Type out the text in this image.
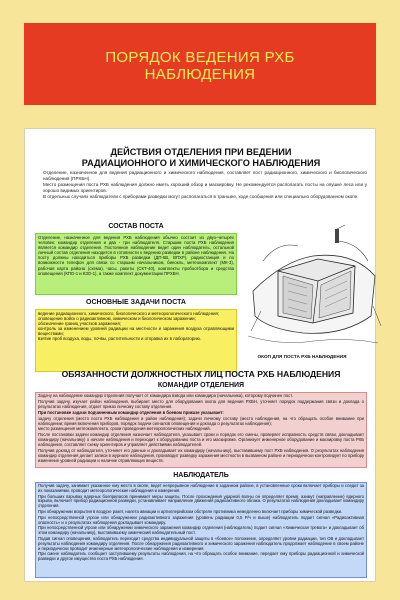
ПОРЯДОК ВЕДЕНИЯ РХБ
НАБЛЮДЕНИЯ
ДЕЙСТВИЯ ОТДЕЛЕНИЯ ПРИ ВЕДЕНИИ
РАДИАЦИОННОГО И ХИМИЧЕСКОГО НАБЛЮДЕНИЯ
Отделение, назначенное для ведения радиационного и химического наблюдения, составляет пост радиационного, химического и биологического наблюдения (ПРХБН).
Место размещения поста РХБ наблюдения должно иметь хороший обзор и маскировку. Не рекомендуется располагать посты на опушке леса или у хорошо видимых ориентиров.
В отдельных случаях наблюдатели с приборами разведки могут располагаться в траншее, ходе сообщения или специально оборудованном окопе.
СОСТАВ ПОСТА
Отделение, назначенное для ведения РХБ наблюдения обычно состоит из двух-четырёх человек: командир отделения и два - три наблюдателя. Старшим поста РХБ наблюдения является командир отделения. Постоянное наблюдение ведет один наблюдатель, остальной личный состав отделения находится в готовности к ведению разведки в районе наблюдения. На посту должны находиться приборы РХБ разведки (ДП-5В, ВПХР), радиостанция и по возможности телефон для связи со старшим начальником, бинокль, метеокомплект (МК-3), рабочая карта района (схема), часы, ракеты (СКТ-40), комплекты пробоотбора и средства оповещения (КПО-1 и КЗО-1), а также комплект документации ПРХБН.
ОСНОВНЫЕ ЗАДАЧИ ПОСТА
ведение радиационного, химического, биологического и метеорологического наблюдения;
оповещение войск о радиоактивном, химическом и биологическом заражении;
обозначение границ участков заражения;
контроль за изменением уровней радиации на местности и заражения воздуха отравляющими веществами;
взятие проб воздуха, воды, почвы, растительности и отправка их в лабораторию.
ОКОП ДЛЯ ПОСТА РХБ НАБЛЮДЕНИЯ
ОБЯЗАННОСТИ ДОЛЖНОСТНЫХ ЛИЦ ПОСТА РХБ НАБЛЮДЕНИЯ
КОМАНДИР ОТДЕЛЕНИЯ
Задачу на наблюдение командир отделения получает от командира взвода или командира (начальника), которому подчинен пост.
Получив задачу, изучает район наблюдения, выбирает место для оборудования окопа для ведения РХБН, уточняет порядок поддержания связи и доклада о результатах наблюдения, отдает приказ личному составу отделения.
При постановке задачи подчиненным командир отделения в боевом приказе указывает:
задачу отделения (место поста РХБ наблюдения и район наблюдения); задачи личному составу (место наблюдения, на что обращать особое внимание при наблюдении; время включения приборов, порядок подачи сигналов оповещения и доклада о результатах наблюдения);
место размещения метеокомплекта, сроки проведения метеорологических наблюдений.
После постановки задачи командир отделения назначает наблюдателя, указывает сроки и порядок его смены, проверяет исправность средств связи, докладывает командиру (начальнику) о начале наблюдения и переходит к оборудованию поста и его маскировке. Организует инженерное оборудование и маскировку поста РХБ наблюдения, составляет схему ориентиров и управляет действиями наблюдателей.
Получив доклад от наблюдателя, уточняет его данные и докладывает их командиру (начальнику), выставившему пост РХБ наблюдения. О результатах наблюдения командир отделения делает записи в журнале наблюдения, производит разведку заражения местности в вызванном районе и периодически контролирует по прибору изменение уровней радиации и наличие отравляющих веществ.
НАБЛЮДАТЕЛЬ
Получив задачу, занимает указанное ему место в окопе, ведет непрерывное наблюдение в заданном районе, в установленные сроки включает приборы и следит за их показаниями, проводит метеорологические наблюдения и измерения.
При больших взрывах ядерных боеприпасов принимает меры защиты. После прохождения ударной волны он определяет время, азимут (направление) ядерного взрыва, включает прибор радиационной разведки, устанавливает направление движения радиоактивного облака. О результатах наблюдения докладывает командиру отделения.
При обнаружении вскрытия в воздухе ракет, налета авиации и артиллерийском обстреле противника немедленно включает приборы химической разведки.
При непосредственной угрозе или обнаружении радиоактивного заражения (уровень радиации 0,5 Р/ч и выше) наблюдатель подает сигнал «Радиоактивная опасность» и о результатах наблюдения докладывает командиру.
При непосредственной угрозе или обнаружении химического заражения командир отделения (наблюдатель) подает сигнал «Химическая тревога» и докладывает об этом командиру (начальнику), выставившему химический наблюдательный пост.
Подав сигнал оповещения, наблюдатель переходит средства индивидуальной защиты в «боевое» положение, определяет уровни радиации, тип ОВ и докладывает результаты наблюдения командиру отделения. После обнаружения радиоактивного и химического заражения наблюдатель продолжает наблюдение в своем районе и периодически проводит инженерные метеорологические наблюдения и измерения.
При смене наблюдатель сообщает заступившему результаты наблюдения, на что обращать особое внимание, передает ему приборы радиационной и химической разведки и другое имущество поста РХБ наблюдения.
